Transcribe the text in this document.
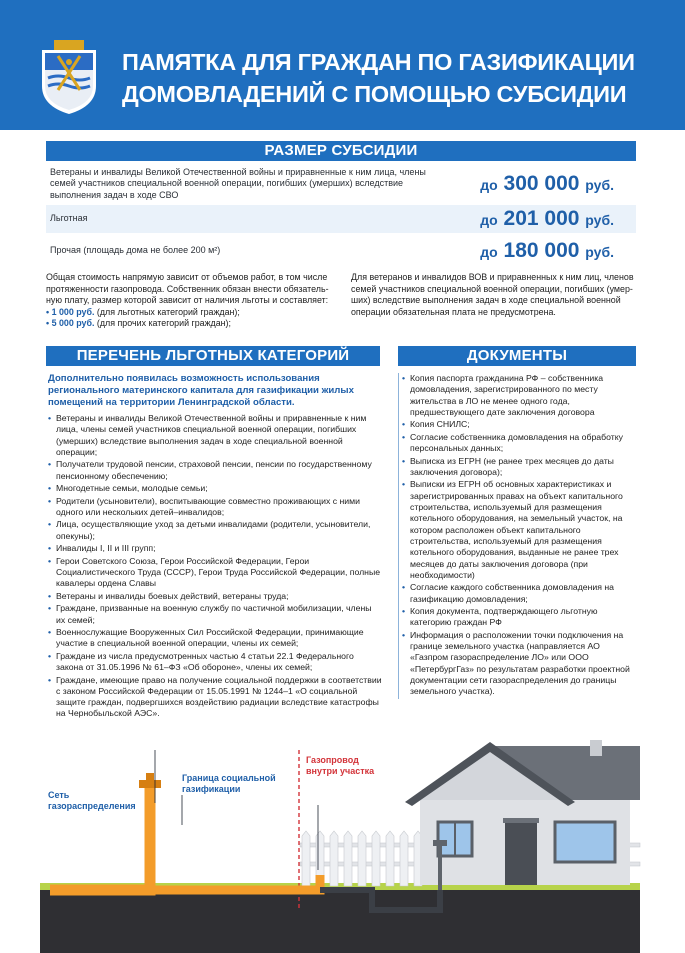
ПАМЯТКА ДЛЯ ГРАЖДАН ПО ГАЗИФИКАЦИИ
ДОМОВЛАДЕНИЙ С ПОМОЩЬЮ СУБСИДИИ
РАЗМЕР СУБСИДИИ
Ветераны и инвалиды Великой Отечественной войны и приравненные к ним лица, члены семей участников специальной военной операции, погибших (умерших) вследствие выполнения задач в ходе СВО
до 300 000 руб.
Льготная	до 201 000 руб.
Прочая (площадь дома не более 200 м²)	до 180 000 руб.
Общая стоимость напрямую зависит от объемов работ, в том числе протяженности газопровода. Собственник обязан внести обязатель-ную плату, размер которой зависит от наличия льготы и составляет:
• 1 000 руб. (для льготных категорий граждан);
• 5 000 руб. (для прочих категорий граждан);
Для ветеранов и инвалидов ВОВ и приравненных к ним лиц, членов семей участников специальной военной операции, погибших (умер-ших) вследствие выполнения задач в ходе специальной военной операции обязательная плата не предусмотрена.
ПЕРЕЧЕНЬ ЛЬГОТНЫХ КАТЕГОРИЙ
Дополнительно появилась возможность использования регионального материнского капитала для газификации жилых помещений на территории Ленинградской области.
• Ветераны и инвалиды Великой Отечественной войны и приравненные к ним лица, члены семей участников специальной военной операции, погибших (умерших) вследствие выполнения задач в ходе специальной военной операции;
• Получатели трудовой пенсии, страховой пенсии, пенсии по государственному пенсионному обеспечению;
• Многодетные семьи, молодые семьи;
• Родители (усыновители), воспитывающие совместно проживающих с ними одного или нескольких детей–инвалидов;
• Лица, осуществляющие уход за детьми инвалидами (родители, усыновители, опекуны);
• Инвалиды I, II и III групп;
• Герои Советского Союза, Герои Российской Федерации, Герои Социалистического Труда (СССР), Герои Труда Российской Федерации, полные кавалеры ордена Славы
• Ветераны и инвалиды боевых действий, ветераны труда;
• Граждане, призванные на военную службу по частичной мобилизации, члены их семей;
• Военнослужащие Вооруженных Сил Российской Федерации, принимающие участие в специальной военной операции, члены их семей;
• Граждане из числа предусмотренных частью 4 статьи 22.1 Федерального закона от 31.05.1996 № 61–ФЗ «Об обороне», члены их семей;
• Граждане, имеющие право на получение социальной поддержки в соответствии с законом Российской Федерации от 15.05.1991 № 1244–1 «О социальной защите граждан, подвергшихся воздействию радиации вследствие катастрофы на Чернобыльской АЭС».
ДОКУМЕНТЫ
• Копия паспорта гражданина РФ – собственника домовладения, зарегистрированного по месту жительства в ЛО не менее одного года, предшествующего дате заключения договора
• Копия СНИЛС;
• Согласие собственника домовладения на обработку персональных данных;
• Выписка из ЕГРН (не ранее трех месяцев до даты заключения договора);
• Выписки из ЕГРН об основных характеристиках и зарегистрированных правах на объект капитального строительства, используемый для размещения котельного оборудования, на земельный участок, на котором расположен объект капитального строительства, используемый для размещения котельного оборудования, выданные не ранее трех месяцев до даты заключения договора (при необходимости)
• Согласие каждого собственника домовладения на газификацию домовладения;
• Копия документа, подтверждающего льготную категорию граждан РФ
• Информация о расположении точки подключения на границе земельного участка (направляется АО «Газпром газораспределение ЛО» или ООО «ПетербургГаз» по результатам разработки проектной документации сети газораспределения до границы земельного участка).
Сеть газораспределения
Граница социальной газификации
Газопровод внутри участка
